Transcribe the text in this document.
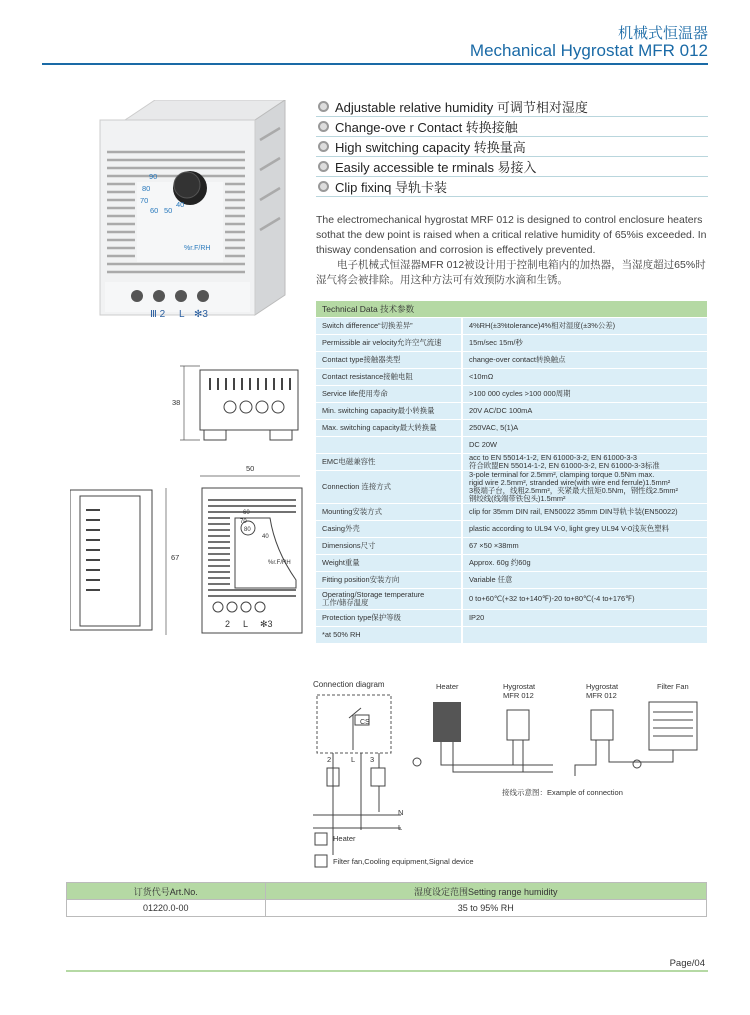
机械式恒温器
Mechanical Hygrostat MFR 012
90
80
70
60 50
40
%r.F/RH
Ⅲ 2 L ✻3
Adjustable relative humidity 可调节相对湿度
Change-ove r Contact 转换接触
High switching capacity 转换量高
Easily accessible te rminals 易接入
Clip fixinq 导轨卡装
The electromechanical hygrostat MRF 012 is designed to control enclosure heaters sothat the dew point is raised when a critical relative humidity of 65%is exceeded. In thisway condensation and corrosion is effectively prevented.
电子机械式恒湿器MFR 012被设计用于控制电箱内的加热器，当湿度超过65%时湿气将会被排除。用这种方法可有效预防水滴和生锈。
Technical Data 技术参数	
Switch difference“切换差异”	4%RH(±3%tolerance)4%相对湿度(±3%公差)
Permissible air velocity允许空气流速	15m/sec 15m/秒
Contact type接触器类型	change-over contact转换触点
Contact resistance接触电阻	<10mΩ
Service life使用寿命	>100 000 cycles >100 000周期
Min. switching capacity最小转换量	20V AC/DC 100mA
Max. switching capacity最大转换量	250VAC, 5(1)A
	DC 20W
EMC电磁兼容性	acc to EN 55014-1-2, EN 61000-3-2, EN 61000-3-3
符合欧盟EN 55014-1-2, EN 61000-3-2, EN 61000-3-3标准
Connection 连接方式	3-pole terminal for 2.5mm², clamping torque 0.5Nm max.
rigid wire 2.5mm², stranded wire(with wire end ferrule)1.5mm²
3极端子台，线粗2.5mm²，夹紧最大扭矩0.5Nm，钢性线2.5mm²
钢绞线(线端带铁包头)1.5mm²
Mounting安装方式	clip for 35mm DIN rail, EN50022 35mm DIN导轨卡装(EN50022)
Casing外壳	plastic according to UL94 V-0, light grey UL94 V-0浅灰色塑料
Dimensions尺寸	67 ×50 ×38mm
Weight重量	Approx. 60g 约60g
Fitting position安装方向	Variable 任意
Operating/Storage temperature
工作/储存温度	0 to+60℃(+32 to+140℉)-20 to+80℃(-4 to+176℉)
Protection type保护等级	IP20
*at 50% RH	
38
50
67
60
70
80
40
%r.F/RH
2 L ✻3
Connection diagram
CS
2	L 3
N
L
Heater	Hygrostat
MFR 012
Hygrostat
MFR 012
Filter Fan
接线示意图：Example of connection
Heater
Filter fan,Cooling equipment,Signal device
订货代号Art.No.	湿度设定范围Setting range humidity
01220.0-00	35 to 95% RH
Page/04
